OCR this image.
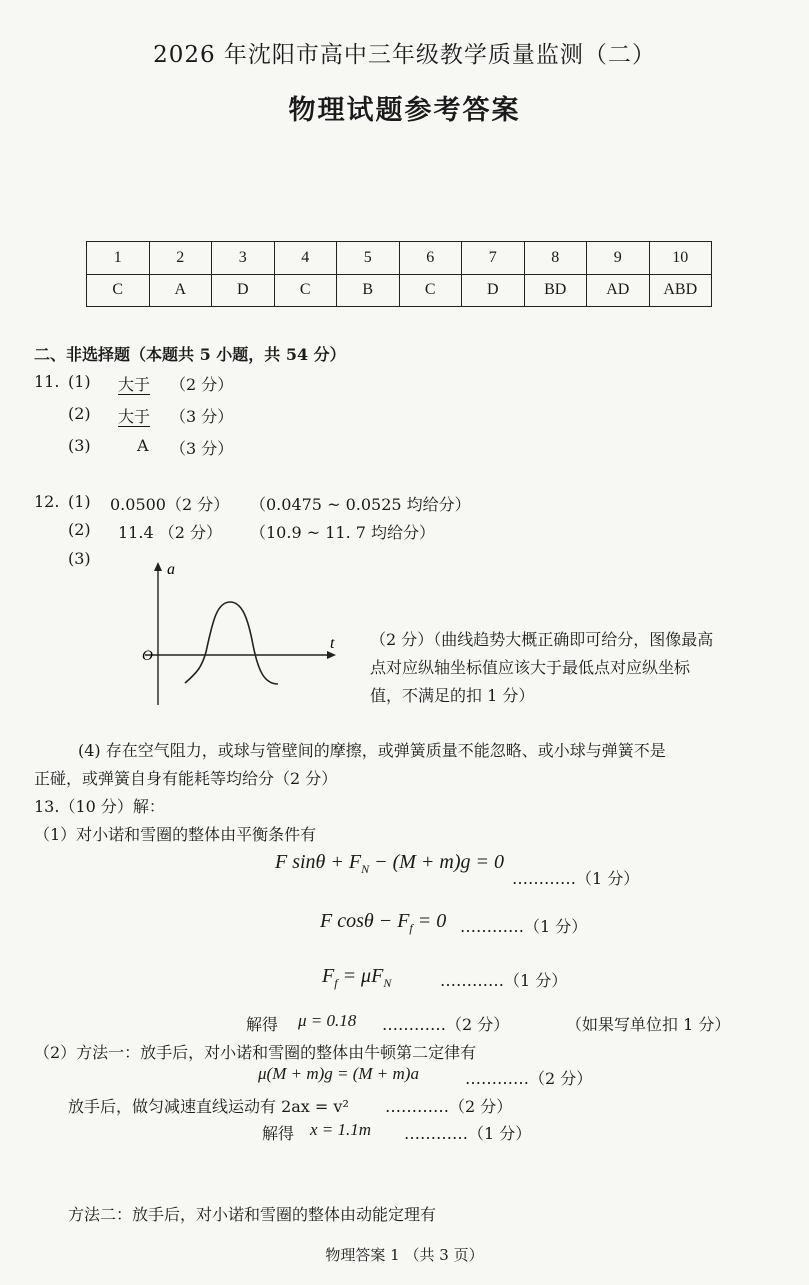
2026 年沈阳市高中三年级教学质量监测（二）
物理试题参考答案
1	2	3	4	5	6	7	8	9	10
C	A	D	C	B	C	D	BD	AD	ABD
二、非选择题（本题共 5 小题，共 54 分）
11. (1) 大于 （2 分）
(2) 大于 （3 分）
(3)	A （3 分）
12. (1) 0.0500（2 分） （0.0475 ~ 0.0525 均给分）
(2) 11.4 （2 分） （10.9 ~ 11. 7 均给分）
(3)
a
t
O
（2 分）（曲线趋势大概正确即可给分，图像最高
点对应纵轴坐标值应该大于最低点对应纵坐标
值，不满足的扣 1 分）
(4) 存在空气阻力，或球与管壁间的摩擦，或弹簧质量不能忽略、或小球与弹簧不是
正碰，或弹簧自身有能耗等均给分（2 分）
13.（10 分）解：
（1）对小诺和雪圈的整体由平衡条件有
F $\sin\theta + F_N - (M + m)g = 0$
…………（1 分）
F $\cos\theta - F_f = 0$ …………（1 分）
$F_f = \mu F_N$	…………（1 分）
解得 μ = 0.18 …………（2 分）	（如果写单位扣 1 分）
（2）方法一：放手后，对小诺和雪圈的整体由牛顿第二定律有
μ(M + m)g = (M + m)a	…………（2 分）
放手后，做匀减速直线运动有 2ax = v² …………（2 分）
解得 x = 1.1m …………（1 分）
方法二：放手后，对小诺和雪圈的整体由动能定理有
物理答案 1 （共 3 页）
